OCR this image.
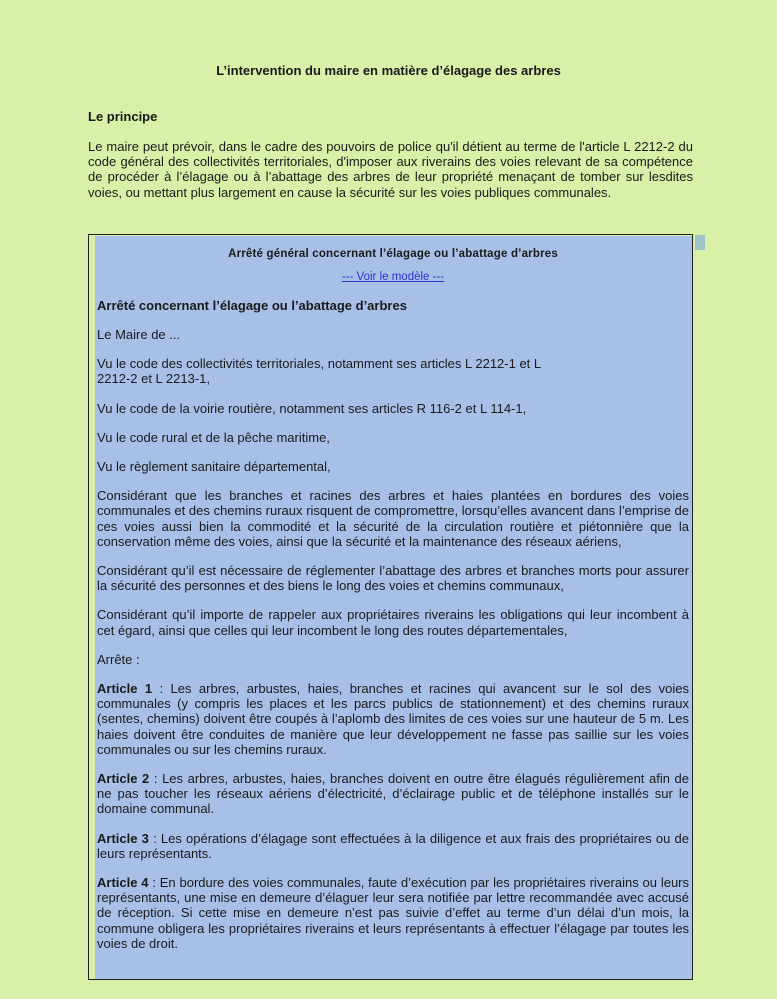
L’intervention du maire en matière d’élagage des arbres
Le principe

Le maire peut prévoir, dans le cadre des pouvoirs de police qu'il détient au terme de l'article L 2212-2 du code général des collectivités territoriales, d'imposer aux riverains des voies relevant de sa compétence de procéder à l’élagage ou à l’abattage des arbres de leur propriété menaçant de tomber sur lesdites voies, ou mettant plus largement en cause la sécurité sur les voies publiques communales.

Arrêté général concernant l’élagage ou l’abattage d’arbres
--- Voir le modèle ---
Arrêté concernant l’élagage ou l’abattage d’arbres

Le Maire de ...

Vu le code des collectivités territoriales, notamment ses articles L 2212-1 et L
2212-2 et L 2213-1,

Vu le code de la voirie routière, notamment ses articles R 116-2 et L 114-1,

Vu le code rural et de la pêche maritime,

Vu le règlement sanitaire départemental,

Considérant que les branches et racines des arbres et haies plantées en bordures des voies communales et des chemins ruraux risquent de compromettre, lorsqu’elles avancent dans l’emprise de ces voies aussi bien la commodité et la sécurité de la circulation routière et piétonnière que la conservation même des voies, ainsi que la sécurité et la maintenance des réseaux aériens,

Considérant qu’il est nécessaire de réglementer l’abattage des arbres et branches morts pour assurer la sécurité des personnes et des biens le long des voies et chemins communaux,

Considérant qu’il importe de rappeler aux propriétaires riverains les obligations qui leur incombent à cet égard, ainsi que celles qui leur incombent le long des routes départementales,

Arrête :

Article 1 : Les arbres, arbustes, haies, branches et racines qui avancent sur le sol des voies communales (y compris les places et les parcs publics de stationnement) et des chemins ruraux (sentes, chemins) doivent être coupés à l’aplomb des limites de ces voies sur une hauteur de 5 m. Les haies doivent être conduites de manière que leur développement ne fasse pas saillie sur les voies communales ou sur les chemins ruraux.

Article 2 : Les arbres, arbustes, haies, branches doivent en outre être élagués régulièrement afin de ne pas toucher les réseaux aériens d’électricité, d’éclairage public et de téléphone installés sur le domaine communal.

Article 3 : Les opérations d’élagage sont effectuées à la diligence et aux frais des propriétaires ou de leurs représentants.

Article 4 : En bordure des voies communales, faute d’exécution par les propriétaires riverains ou leurs représentants, une mise en demeure d’élaguer leur sera notifiée par lettre recommandée avec accusé de réception. Si cette mise en demeure n’est pas suivie d’effet au terme d’un délai d’un mois, la commune obligera les propriétaires riverains et leurs représentants à effectuer l’élagage par toutes les voies de droit.
